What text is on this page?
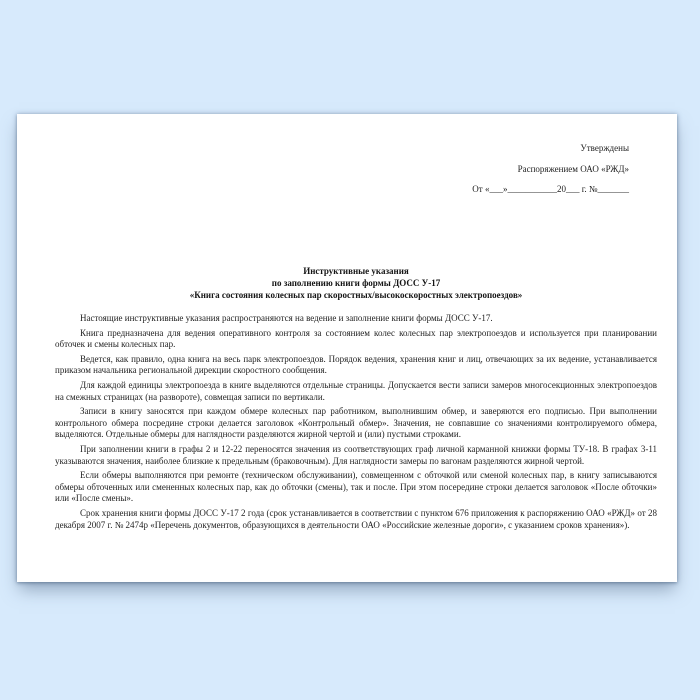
Утверждены
Распоряжением ОАО «РЖД»
От «___»___________20___ г. №_______
Инструктивные указания
по заполнению книги формы ДОСС У-17
«Книга состояния колесных пар скоростных/высокоскоростных электропоездов»

Настоящие инструктивные указания распространяются на ведение и заполнение книги формы ДОСС У-17.

Книга предназначена для ведения оперативного контроля за состоянием колес колесных пар электропоездов и используется при планировании обточек и смены колесных пар.

Ведется, как правило, одна книга на весь парк электропоездов. Порядок ведения, хранения книг и лиц, отвечающих за их ведение, устанавливается приказом начальника региональной дирекции скоростного сообщения.

Для каждой единицы электропоезда в книге выделяются отдельные страницы. Допускается вести записи замеров многосекционных электропоездов на смежных страницах (на развороте), совмещая записи по вертикали.

Записи в книгу заносятся при каждом обмере колесных пар работником, выполнившим обмер, и заверяются его подписью. При выполнении контрольного обмера посредине строки делается заголовок «Контрольный обмер». Значения, не совпавшие со значениями контролируемого обмера, выделяются. Отдельные обмеры для наглядности разделяются жирной чертой и (или) пустыми строками.

При заполнении книги в графы 2 и 12-22 переносятся значения из соответствующих граф личной карманной книжки формы ТУ-18. В графах 3-11 указываются значения, наиболее близкие к предельным (браковочным). Для наглядности замеры по вагонам разделяются жирной чертой.

Если обмеры выполняются при ремонте (техническом обслуживании), совмещенном с обточкой или сменой колесных пар, в книгу записываются обмеры обточенных или смененных колесных пар, как до обточки (смены), так и после. При этом посередине строки делается заголовок «После обточки» или «После смены».

Срок хранения книги формы ДОСС У-17 2 года (срок устанавливается в соответствии с пунктом 676 приложения к распоряжению ОАО «РЖД» от 28 декабря 2007 г. № 2474р «Перечень документов, образующихся в деятельности ОАО «Российские железные дороги», с указанием сроков хранения»).
